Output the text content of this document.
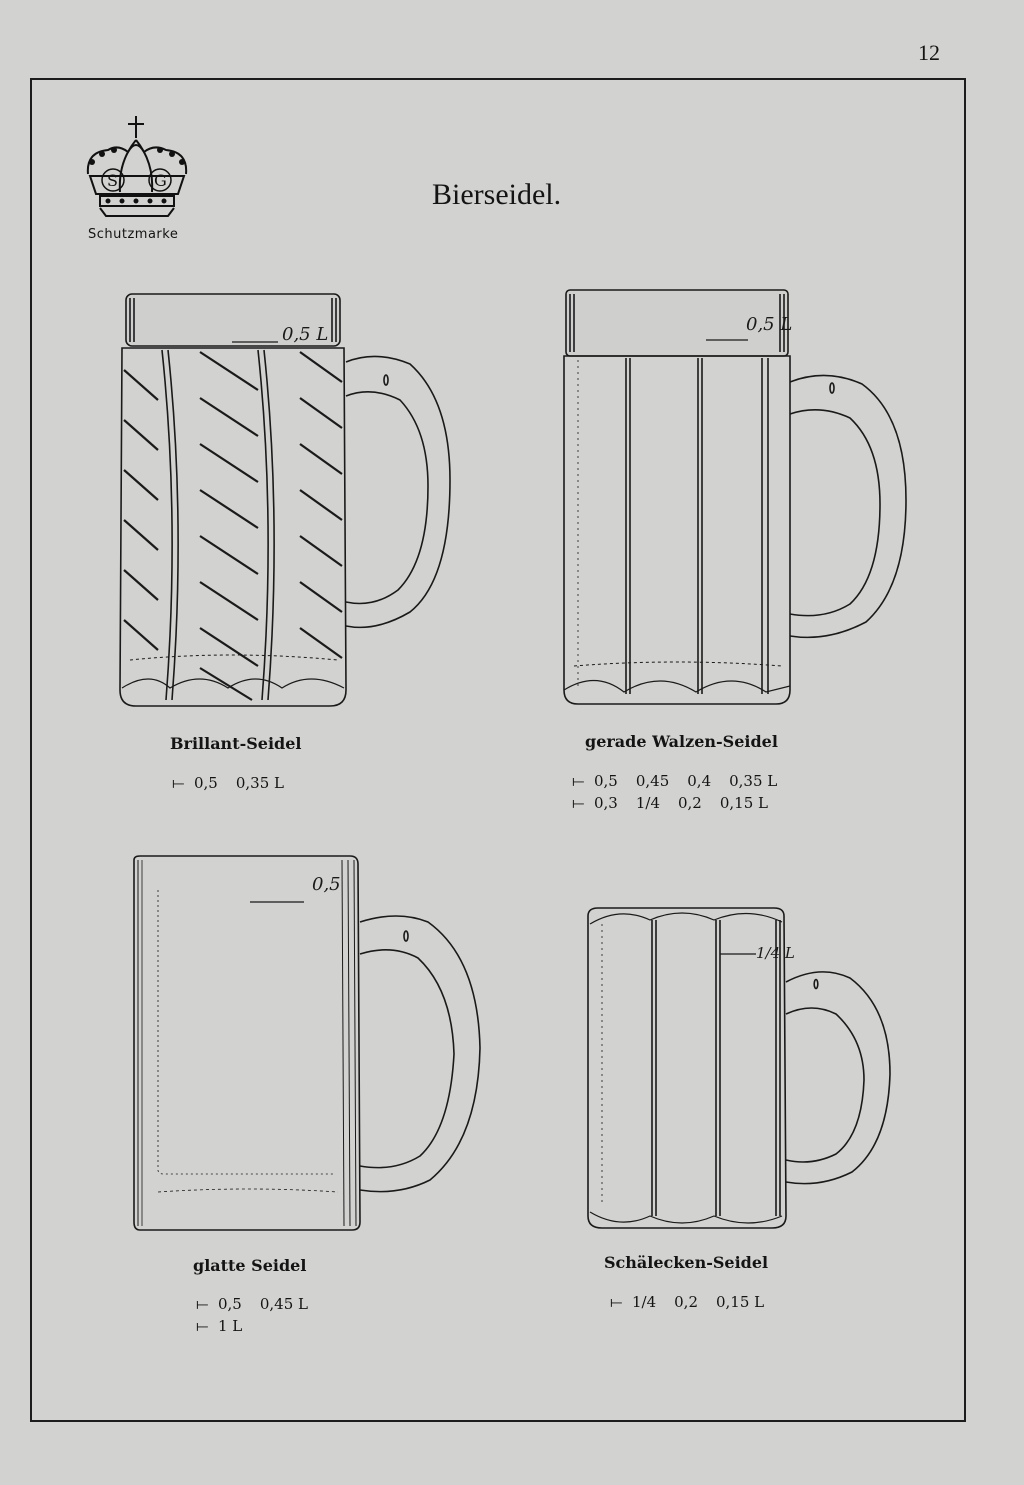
12
S G
Schutzmarke
Bierseidel.
0,5 L
Brillant-Seidel
⟝ 0,5 0,35 L
0,5 L
gerade Walzen-Seidel
⟝ 0,5 0,45 0,4 0,35 L
⟝ 0,3 1/4 0,2 0,15 L
0,5
glatte Seidel
⟝ 0,5 0,45 L
⟝ 1 L
1/4 L
Schälecken-Seidel
⟝ 1/4 0,2 0,15 L
